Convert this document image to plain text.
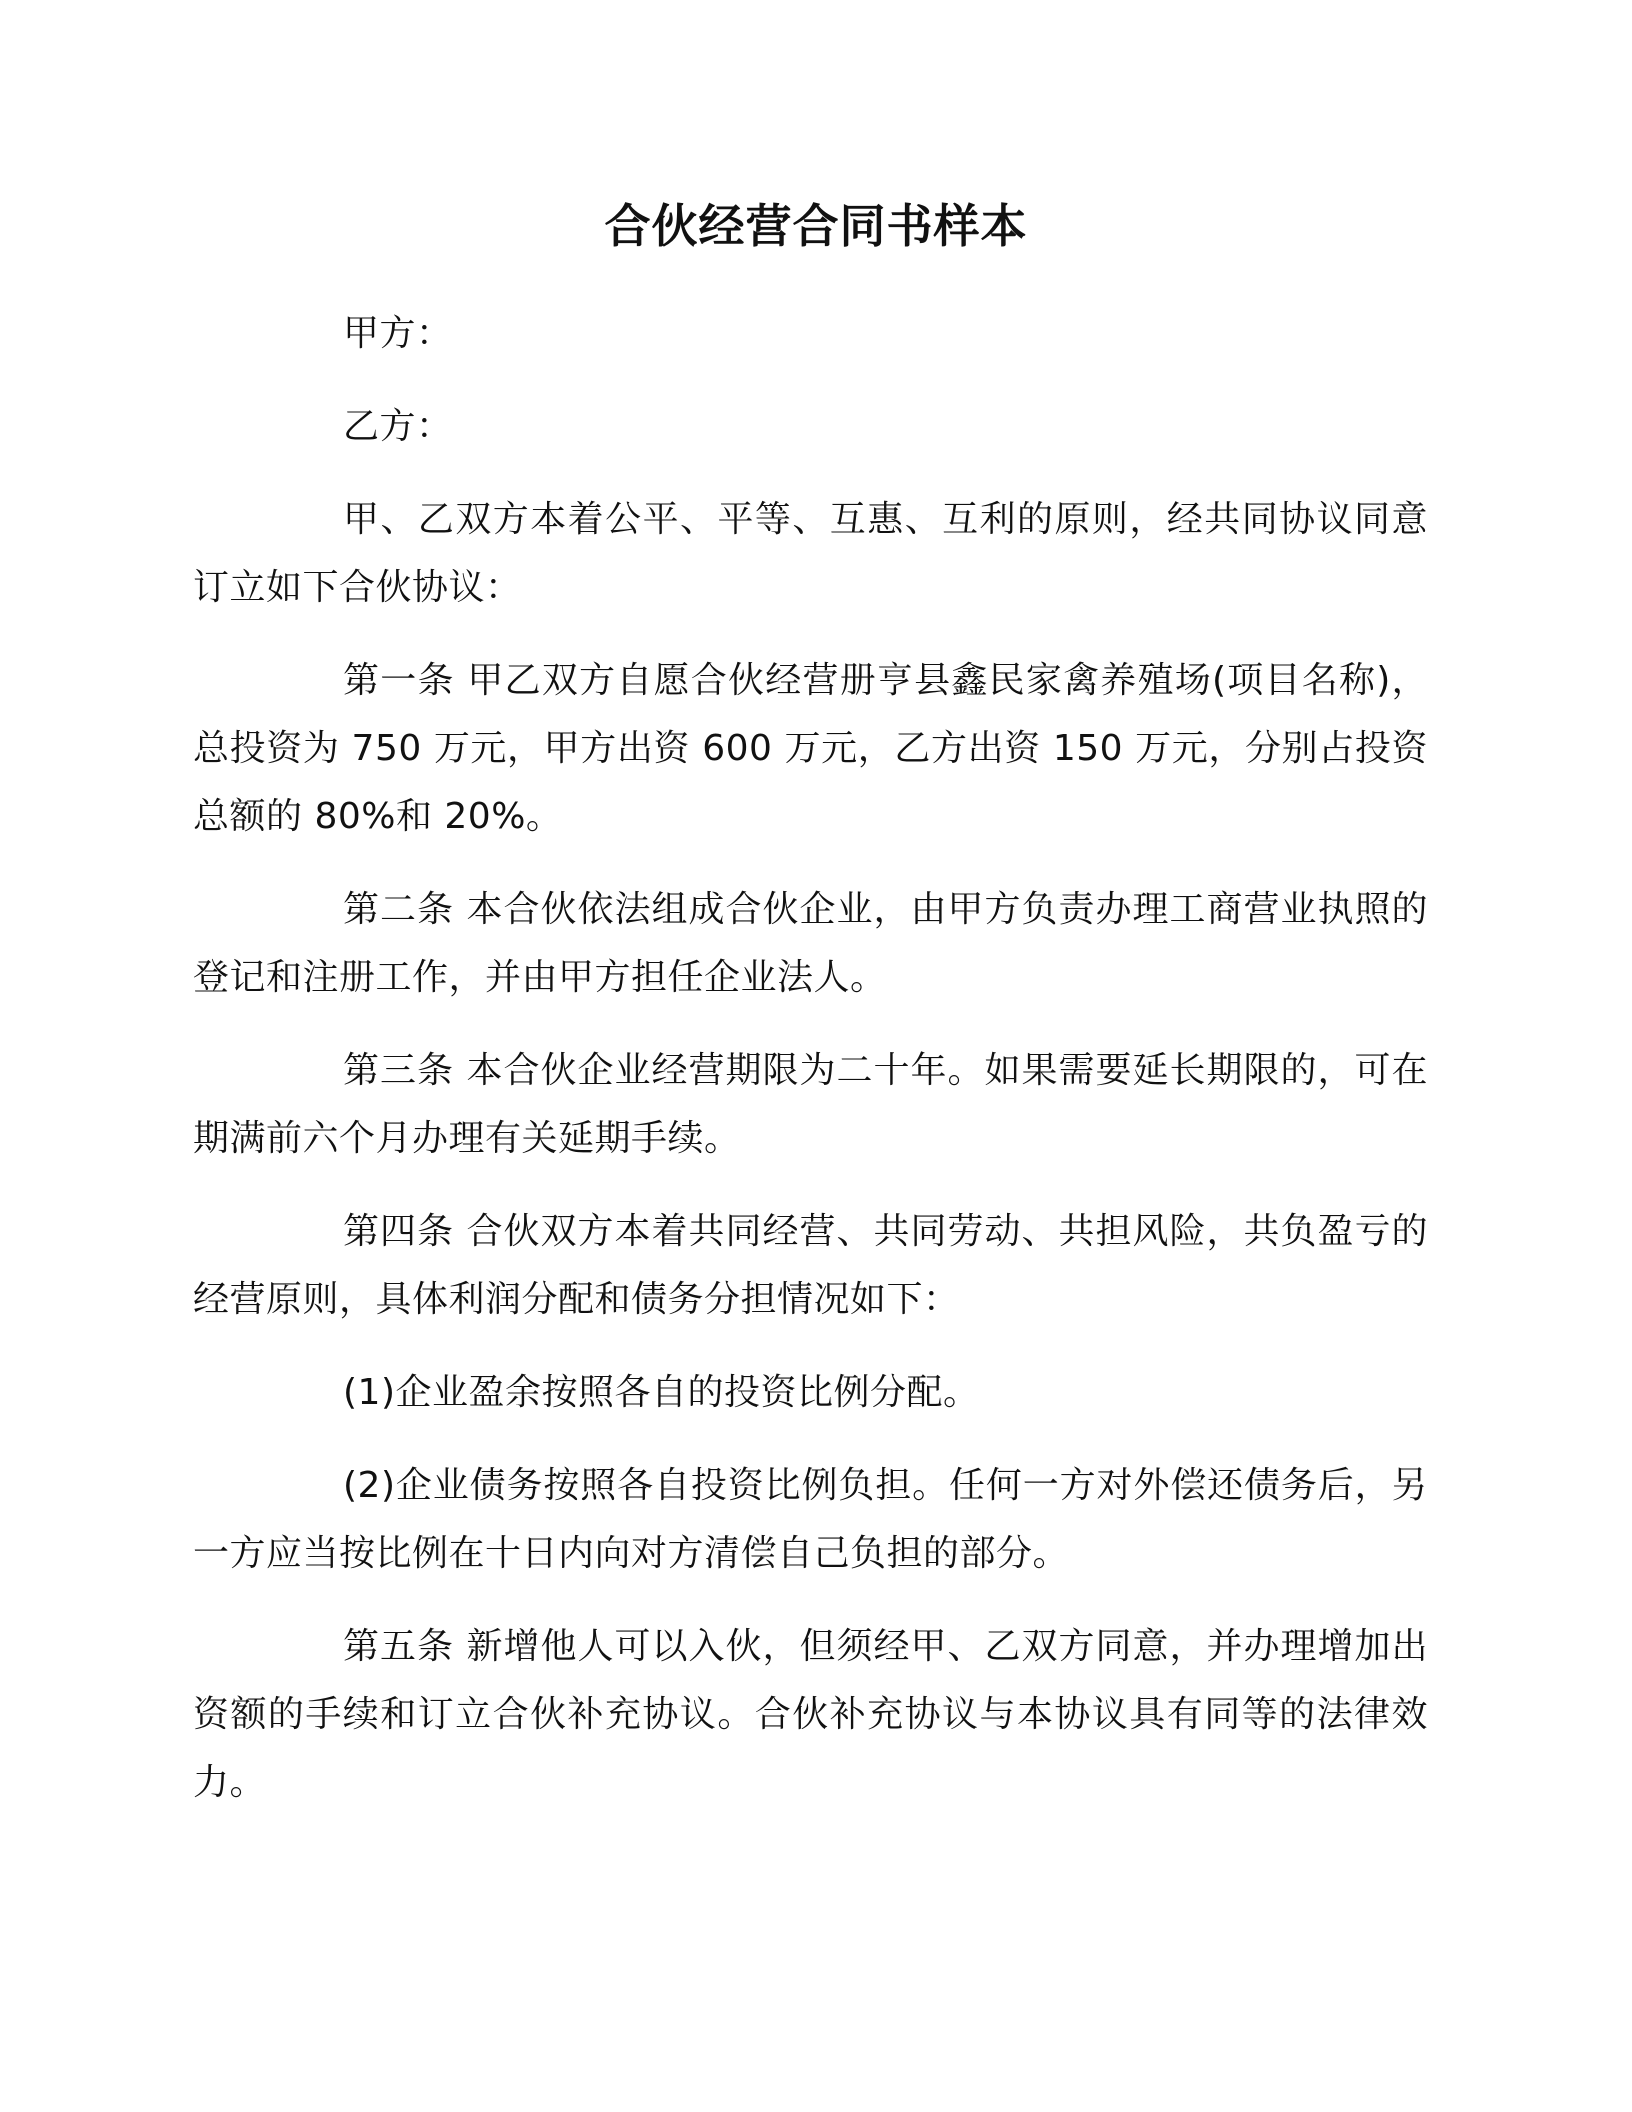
合伙经营合同书样本

甲方：

乙方：

甲、乙双方本着公平、平等、互惠、互利的原则，经共同协议同意订立如下合伙协议：

第一条 甲乙双方自愿合伙经营册亨县鑫民家禽养殖场(项目名称)，总投资为 750 万元，甲方出资 600 万元，乙方出资 150 万元，分别占投资总额的 80%和 20%。

第二条 本合伙依法组成合伙企业，由甲方负责办理工商营业执照的登记和注册工作，并由甲方担任企业法人。

第三条 本合伙企业经营期限为二十年。如果需要延长期限的，可在期满前六个月办理有关延期手续。

第四条 合伙双方本着共同经营、共同劳动、共担风险，共负盈亏的经营原则，具体利润分配和债务分担情况如下：

(1)企业盈余按照各自的投资比例分配。

(2)企业债务按照各自投资比例负担。任何一方对外偿还债务后，另一方应当按比例在十日内向对方清偿自己负担的部分。

第五条 新增他人可以入伙，但须经甲、乙双方同意，并办理增加出资额的手续和订立合伙补充协议。合伙补充协议与本协议具有同等的法律效力。
